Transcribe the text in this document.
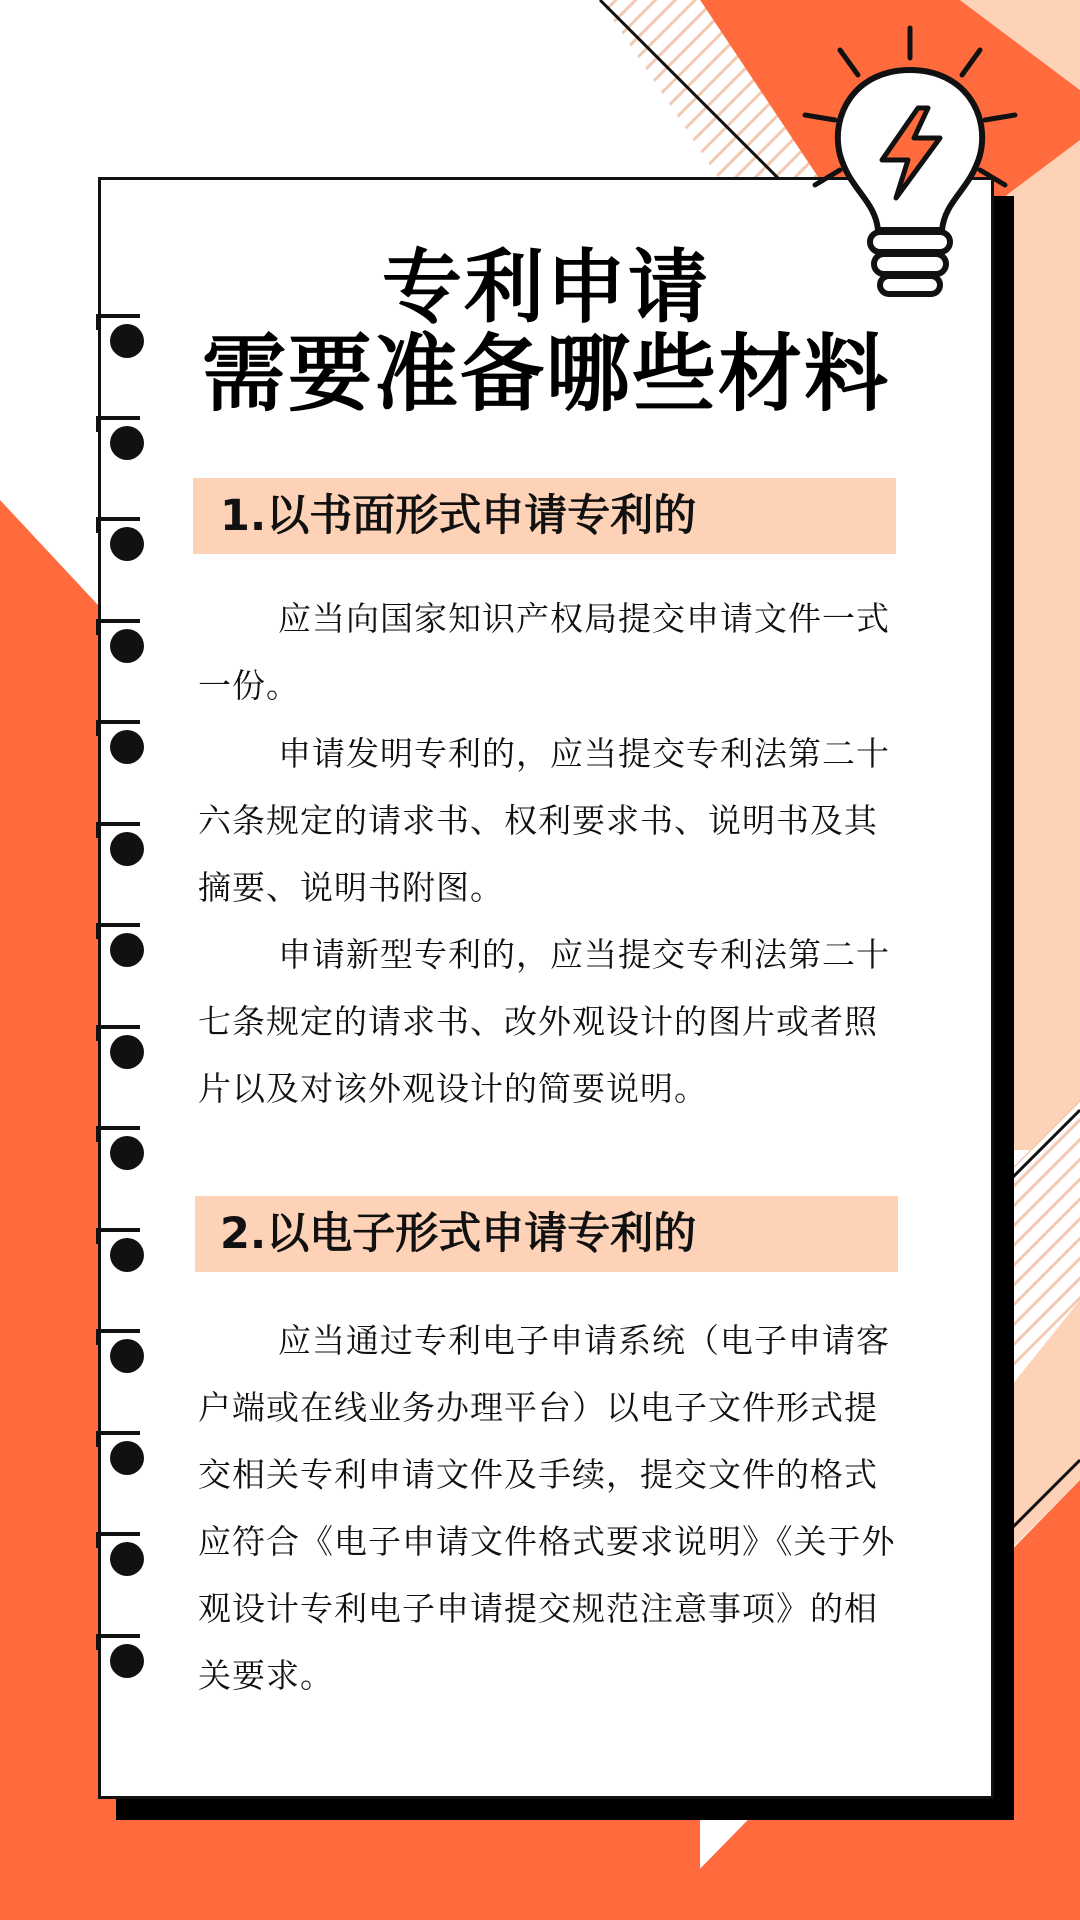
专利申请
需要准备哪些材料
1.以书面形式申请专利的

应当向国家知识产权局提交申请文件一式一份。

申请发明专利的，应当提交专利法第二十六条规定的请求书、权利要求书、说明书及其摘要、说明书附图。

申请新型专利的，应当提交专利法第二十七条规定的请求书、改外观设计的图片或者照片以及对该外观设计的简要说明。

2.以电子形式申请专利的

应当通过专利电子申请系统（电子申请客户端或在线业务办理平台）以电子文件形式提交相关专利申请文件及手续，提交文件的格式应符合《电子申请文件格式要求说明》《关于外观设计专利电子申请提交规范注意事项》的相关要求。
